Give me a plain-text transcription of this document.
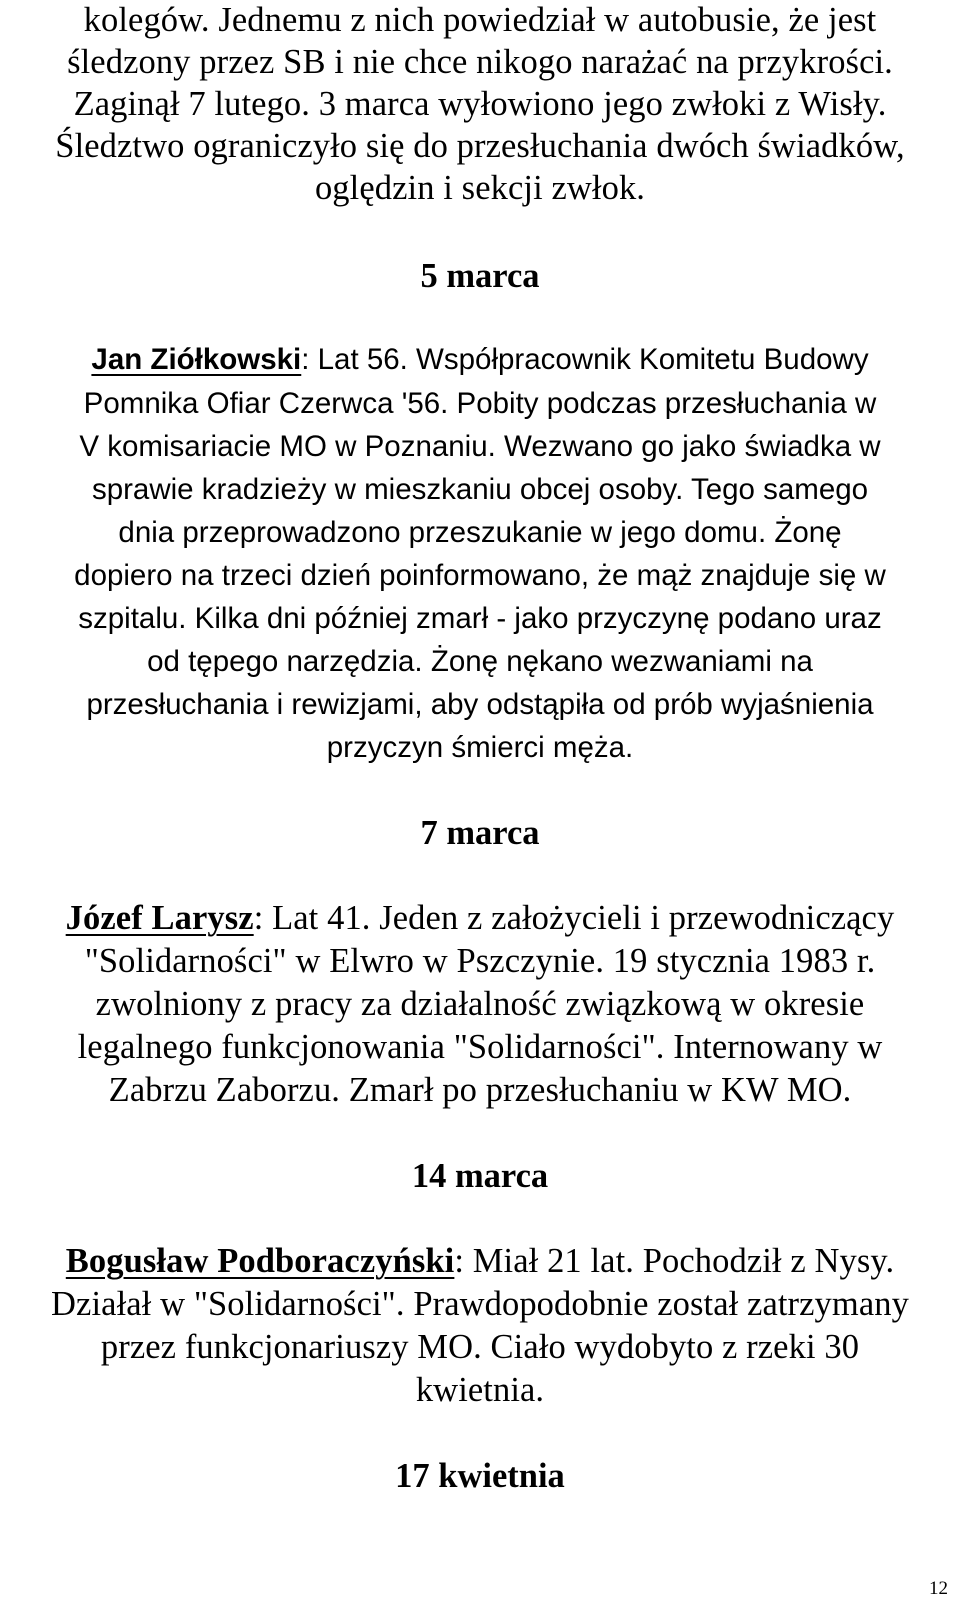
kolegów. Jednemu z nich powiedział w autobusie, że jest

śledzony przez SB i nie chce nikogo narażać na przykrości.

Zaginął 7 lutego. 3 marca wyłowiono jego zwłoki z Wisły.

Śledztwo ograniczyło się do przesłuchania dwóch świadków,

oględzin i sekcji zwłok.

5 marca

Jan Ziółkowski: Lat 56. Współpracownik Komitetu Budowy

Pomnika Ofiar Czerwca '56. Pobity podczas przesłuchania w

V komisariacie MO w Poznaniu. Wezwano go jako świadka w

sprawie kradzieży w mieszkaniu obcej osoby. Tego samego

dnia przeprowadzono przeszukanie w jego domu. Żonę

dopiero na trzeci dzień poinformowano, że mąż znajduje się w

szpitalu. Kilka dni później zmarł - jako przyczynę podano uraz

od tępego narzędzia. Żonę nękano wezwaniami na

przesłuchania i rewizjami, aby odstąpiła od prób wyjaśnienia

przyczyn śmierci męża.

7 marca

Józef Larysz: Lat 41. Jeden z założycieli i przewodniczący

"Solidarności" w Elwro w Pszczynie. 19 stycznia 1983 r.

zwolniony z pracy za działalność związkową w okresie

legalnego funkcjonowania "Solidarności". Internowany w

Zabrzu Zaborzu. Zmarł po przesłuchaniu w KW MO.

14 marca

Bogusław Podboraczyński: Miał 21 lat. Pochodził z Nysy.

Działał w "Solidarności". Prawdopodobnie został zatrzymany

przez funkcjonariuszy MO. Ciało wydobyto z rzeki 30

kwietnia.

17 kwietnia

12
